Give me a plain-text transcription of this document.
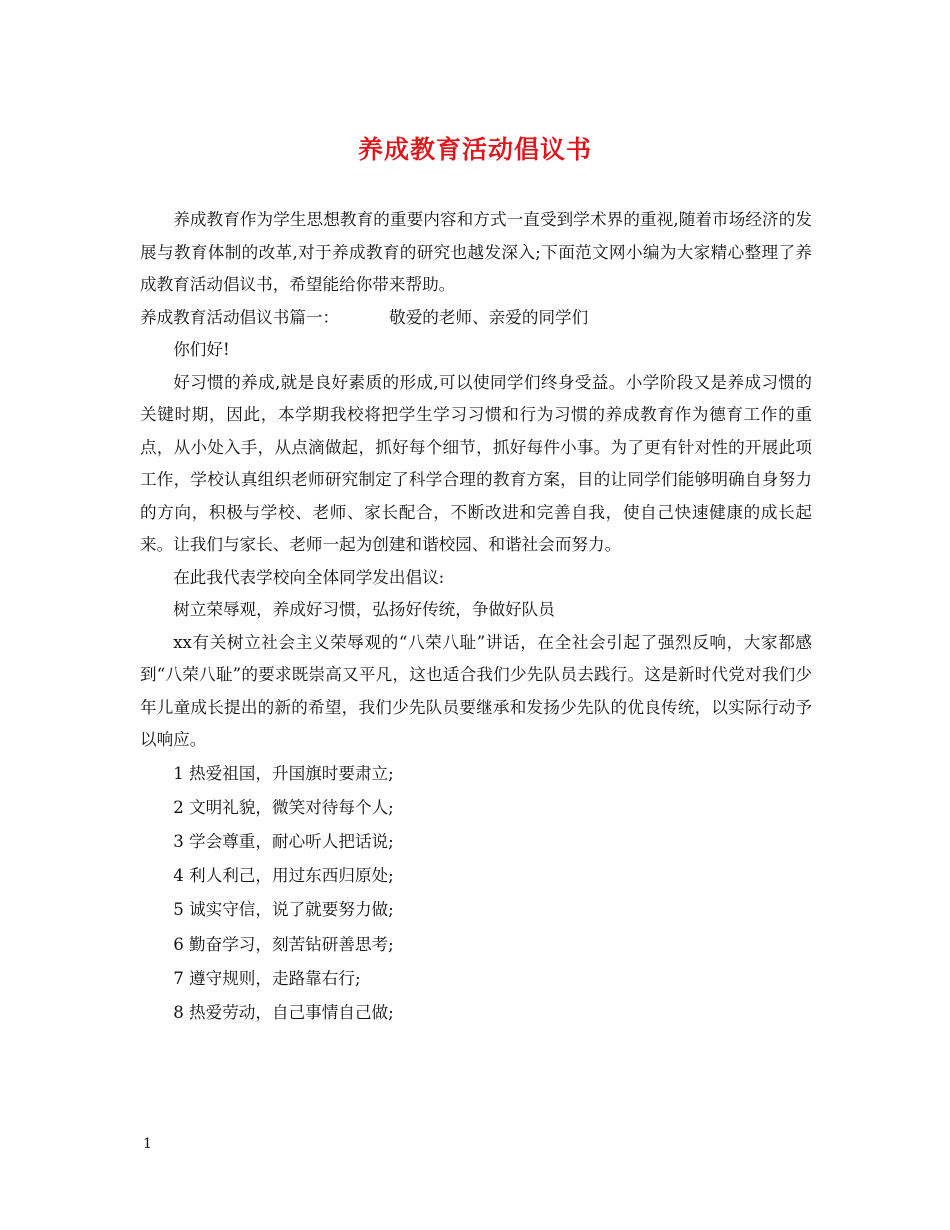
养成教育活动倡议书

养成教育作为学生思想教育的重要内容和方式一直受到学术界的重视,随着市场经济的发展与教育体制的改革,对于养成教育的研究也越发深入;下面范文网小编为大家精心整理了养成教育活动倡议书，希望能给你带来帮助。

养成教育活动倡议书篇一：	敬爱的老师、亲爱的同学们

你们好!

好习惯的养成,就是良好素质的形成,可以使同学们终身受益。小学阶段又是养成习惯的关键时期，因此，本学期我校将把学生学习习惯和行为习惯的养成教育作为德育工作的重点，从小处入手，从点滴做起，抓好每个细节，抓好每件小事。为了更有针对性的开展此项工作，学校认真组织老师研究制定了科学合理的教育方案，目的让同学们能够明确自身努力的方向，积极与学校、老师、家长配合，不断改进和完善自我，使自己快速健康的成长起来。让我们与家长、老师一起为创建和谐校园、和谐社会而努力。

在此我代表学校向全体同学发出倡议:

树立荣辱观，养成好习惯，弘扬好传统，争做好队员

xx有关树立社会主义荣辱观的“八荣八耻”讲话，在全社会引起了强烈反响，大家都感到“八荣八耻”的要求既崇高又平凡，这也适合我们少先队员去践行。这是新时代党对我们少年儿童成长提出的新的希望，我们少先队员要继承和发扬少先队的优良传统，以实际行动予以响应。

1 热爱祖国，升国旗时要肃立;
2 文明礼貌，微笑对待每个人;
3 学会尊重，耐心听人把话说;
4 利人利己，用过东西归原处;
5 诚实守信，说了就要努力做;
6 勤奋学习，刻苦钻研善思考;
7 遵守规则，走路靠右行;
8 热爱劳动，自己事情自己做;
1
